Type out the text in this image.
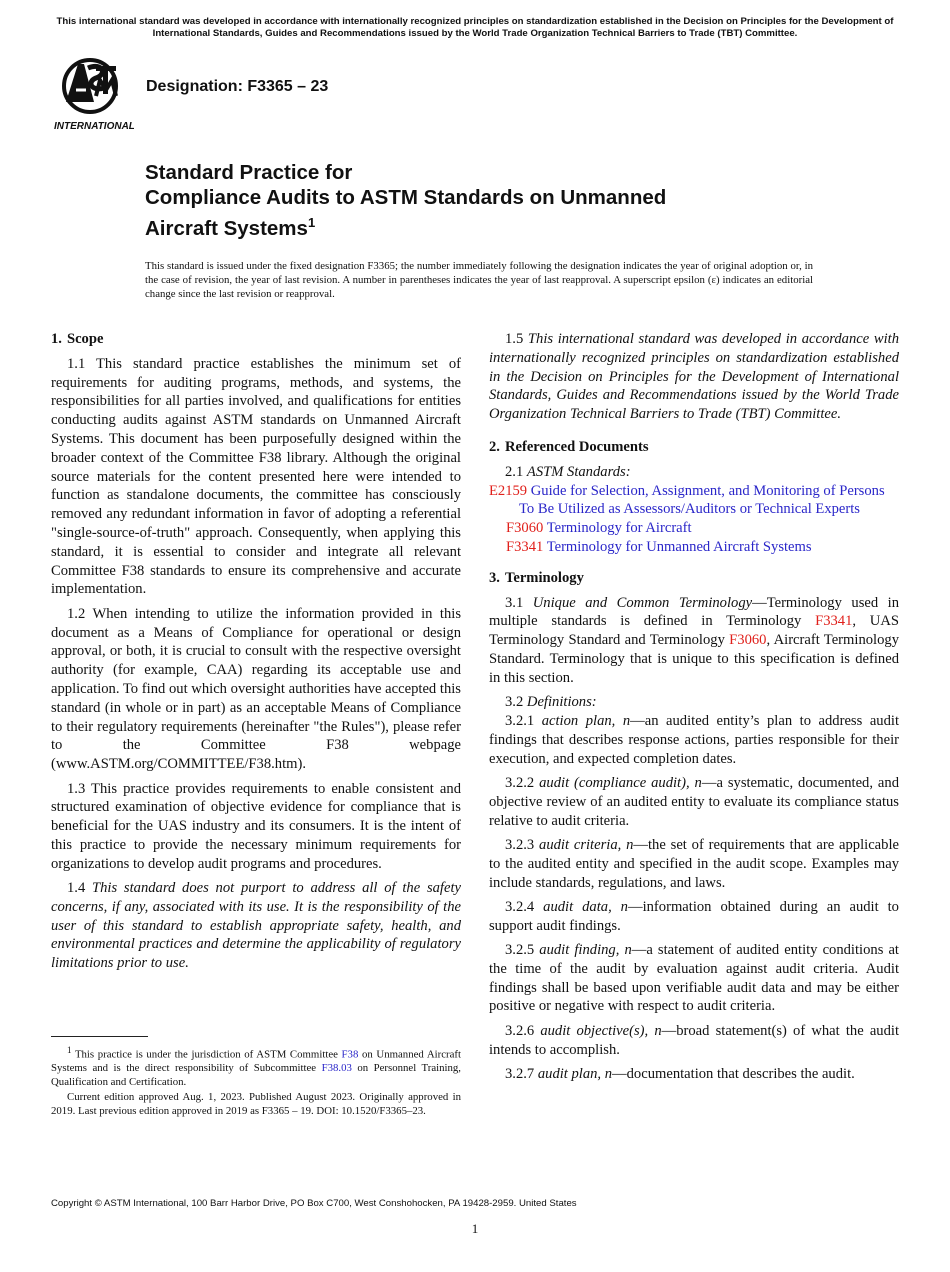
This international standard was developed in accordance with internationally recognized principles on standardization established in the Decision on Principles for the Development of International Standards, Guides and Recommendations issued by the World Trade Organization Technical Barriers to Trade (TBT) Committee.
INTERNATIONAL
Designation: F3365 – 23
Standard Practice for
Compliance Audits to ASTM Standards on Unmanned
Aircraft Systems$^1$
This standard is issued under the fixed designation F3365; the number immediately following the designation indicates the year of original adoption or, in the case of revision, the year of last revision. A number in parentheses indicates the year of last reapproval. A superscript epsilon (ε) indicates an editorial change since the last revision or reapproval.
1. Scope

1.1 This standard practice establishes the minimum set of requirements for auditing programs, methods, and systems, the responsibilities for all parties involved, and qualifications for entities conducting audits against ASTM standards on Unmanned Aircraft Systems. This document has been purposefully designed within the broader context of the Committee F38 library. Although the original source materials for the content presented here were intended to function as standalone documents, the committee has consciously removed any redundant information in favor of adopting a referential "single-source-of-truth" approach. Consequently, when applying this standard, it is essential to consider and integrate all relevant Committee F38 standards to ensure its comprehensive and accurate implementation.

1.2 When intending to utilize the information provided in this document as a Means of Compliance for operational or design approval, or both, it is crucial to consult with the respective oversight authority (for example, CAA) regarding its acceptable use and application. To find out which oversight authorities have accepted this standard (in whole or in part) as an acceptable Means of Compliance to their regulatory requirements (hereinafter "the Rules"), please refer to the Committee F38 webpage (www.ASTM.org/COMMITTEE/F38.htm).

1.3 This practice provides requirements to enable consistent and structured examination of objective evidence for compliance that is beneficial for the UAS industry and its consumers. It is the intent of this practice to provide the necessary minimum requirements for organizations to develop audit programs and procedures.

1.4 This standard does not purport to address all of the safety concerns, if any, associated with its use. It is the responsibility of the user of this standard to establish appropriate safety, health, and environmental practices and determine the applicability of regulatory limitations prior to use.

1.5 This international standard was developed in accordance with internationally recognized principles on standardization established in the Decision on Principles for the Development of International Standards, Guides and Recommendations issued by the World Trade Organization Technical Barriers to Trade (TBT) Committee.

2. Referenced Documents

2.1 ASTM Standards:

E2159 Guide for Selection, Assignment, and Monitoring of Persons To Be Utilized as Assessors/Auditors or Technical Experts

F3060 Terminology for Aircraft

F3341 Terminology for Unmanned Aircraft Systems

3. Terminology

3.1 Unique and Common Terminology—Terminology used in multiple standards is defined in Terminology F3341, UAS Terminology Standard and Terminology F3060, Aircraft Terminology Standard. Terminology that is unique to this specification is defined in this section.

3.2 Definitions:

3.2.1 action plan, n—an audited entity’s plan to address audit findings that describes response actions, parties responsible for their execution, and expected completion dates.

3.2.2 audit (compliance audit), n—a systematic, documented, and objective review of an audited entity to evaluate its compliance status relative to audit criteria.

3.2.3 audit criteria, n—the set of requirements that are applicable to the audited entity and specified in the audit scope. Examples may include standards, regulations, and laws.

3.2.4 audit data, n—information obtained during an audit to support audit findings.

3.2.5 audit finding, n—a statement of audited entity conditions at the time of the audit by evaluation against audit criteria. Audit findings shall be based upon verifiable audit data and may be either positive or negative with respect to audit criteria.

3.2.6 audit objective(s), n—broad statement(s) of what the audit intends to accomplish.

3.2.7 audit plan, n—documentation that describes the audit.

$^1$ This practice is under the jurisdiction of ASTM Committee F38 on Unmanned Aircraft Systems and is the direct responsibility of Subcommittee F38.03 on Personnel Training, Qualification and Certification.

Current edition approved Aug. 1, 2023. Published August 2023. Originally approved in 2019. Last previous edition approved in 2019 as F3365 – 19. DOI: 10.1520/F3365–23.

Copyright © ASTM International, 100 Barr Harbor Drive, PO Box C700, West Conshohocken, PA 19428-2959. United States
1
